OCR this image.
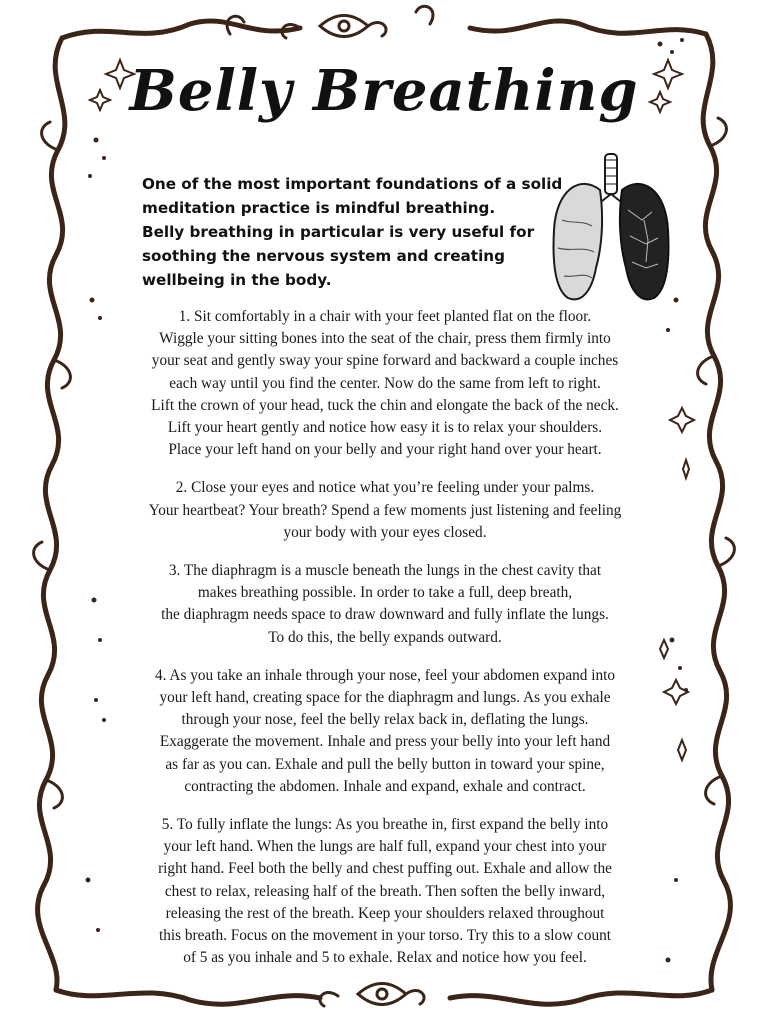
Belly Breathing

One of the most important foundations of a solid
meditation practice is mindful breathing.
Belly breathing in particular is very useful for
soothing the nervous system and creating
wellbeing in the body.

1. Sit comfortably in a chair with your feet planted flat on the floor.
Wiggle your sitting bones into the seat of the chair, press them firmly into
your seat and gently sway your spine forward and backward a couple inches
each way until you find the center. Now do the same from left to right.
Lift the crown of your head, tuck the chin and elongate the back of the neck.
Lift your heart gently and notice how easy it is to relax your shoulders.
Place your left hand on your belly and your right hand over your heart.

2. Close your eyes and notice what you’re feeling under your palms.
Your heartbeat? Your breath? Spend a few moments just listening and feeling
your body with your eyes closed.

3. The diaphragm is a muscle beneath the lungs in the chest cavity that
makes breathing possible. In order to take a full, deep breath,
the diaphragm needs space to draw downward and fully inflate the lungs.
To do this, the belly expands outward.

4. As you take an inhale through your nose, feel your abdomen expand into
your left hand, creating space for the diaphragm and lungs. As you exhale
through your nose, feel the belly relax back in, deflating the lungs.
Exaggerate the movement. Inhale and press your belly into your left hand
as far as you can. Exhale and pull the belly button in toward your spine,
contracting the abdomen. Inhale and expand, exhale and contract.

5. To fully inflate the lungs: As you breathe in, first expand the belly into
your left hand. When the lungs are half full, expand your chest into your
right hand. Feel both the belly and chest puffing out. Exhale and allow the
chest to relax, releasing half of the breath. Then soften the belly inward,
releasing the rest of the breath. Keep your shoulders relaxed throughout
this breath. Focus on the movement in your torso. Try this to a slow count
of 5 as you inhale and 5 to exhale. Relax and notice how you feel.
